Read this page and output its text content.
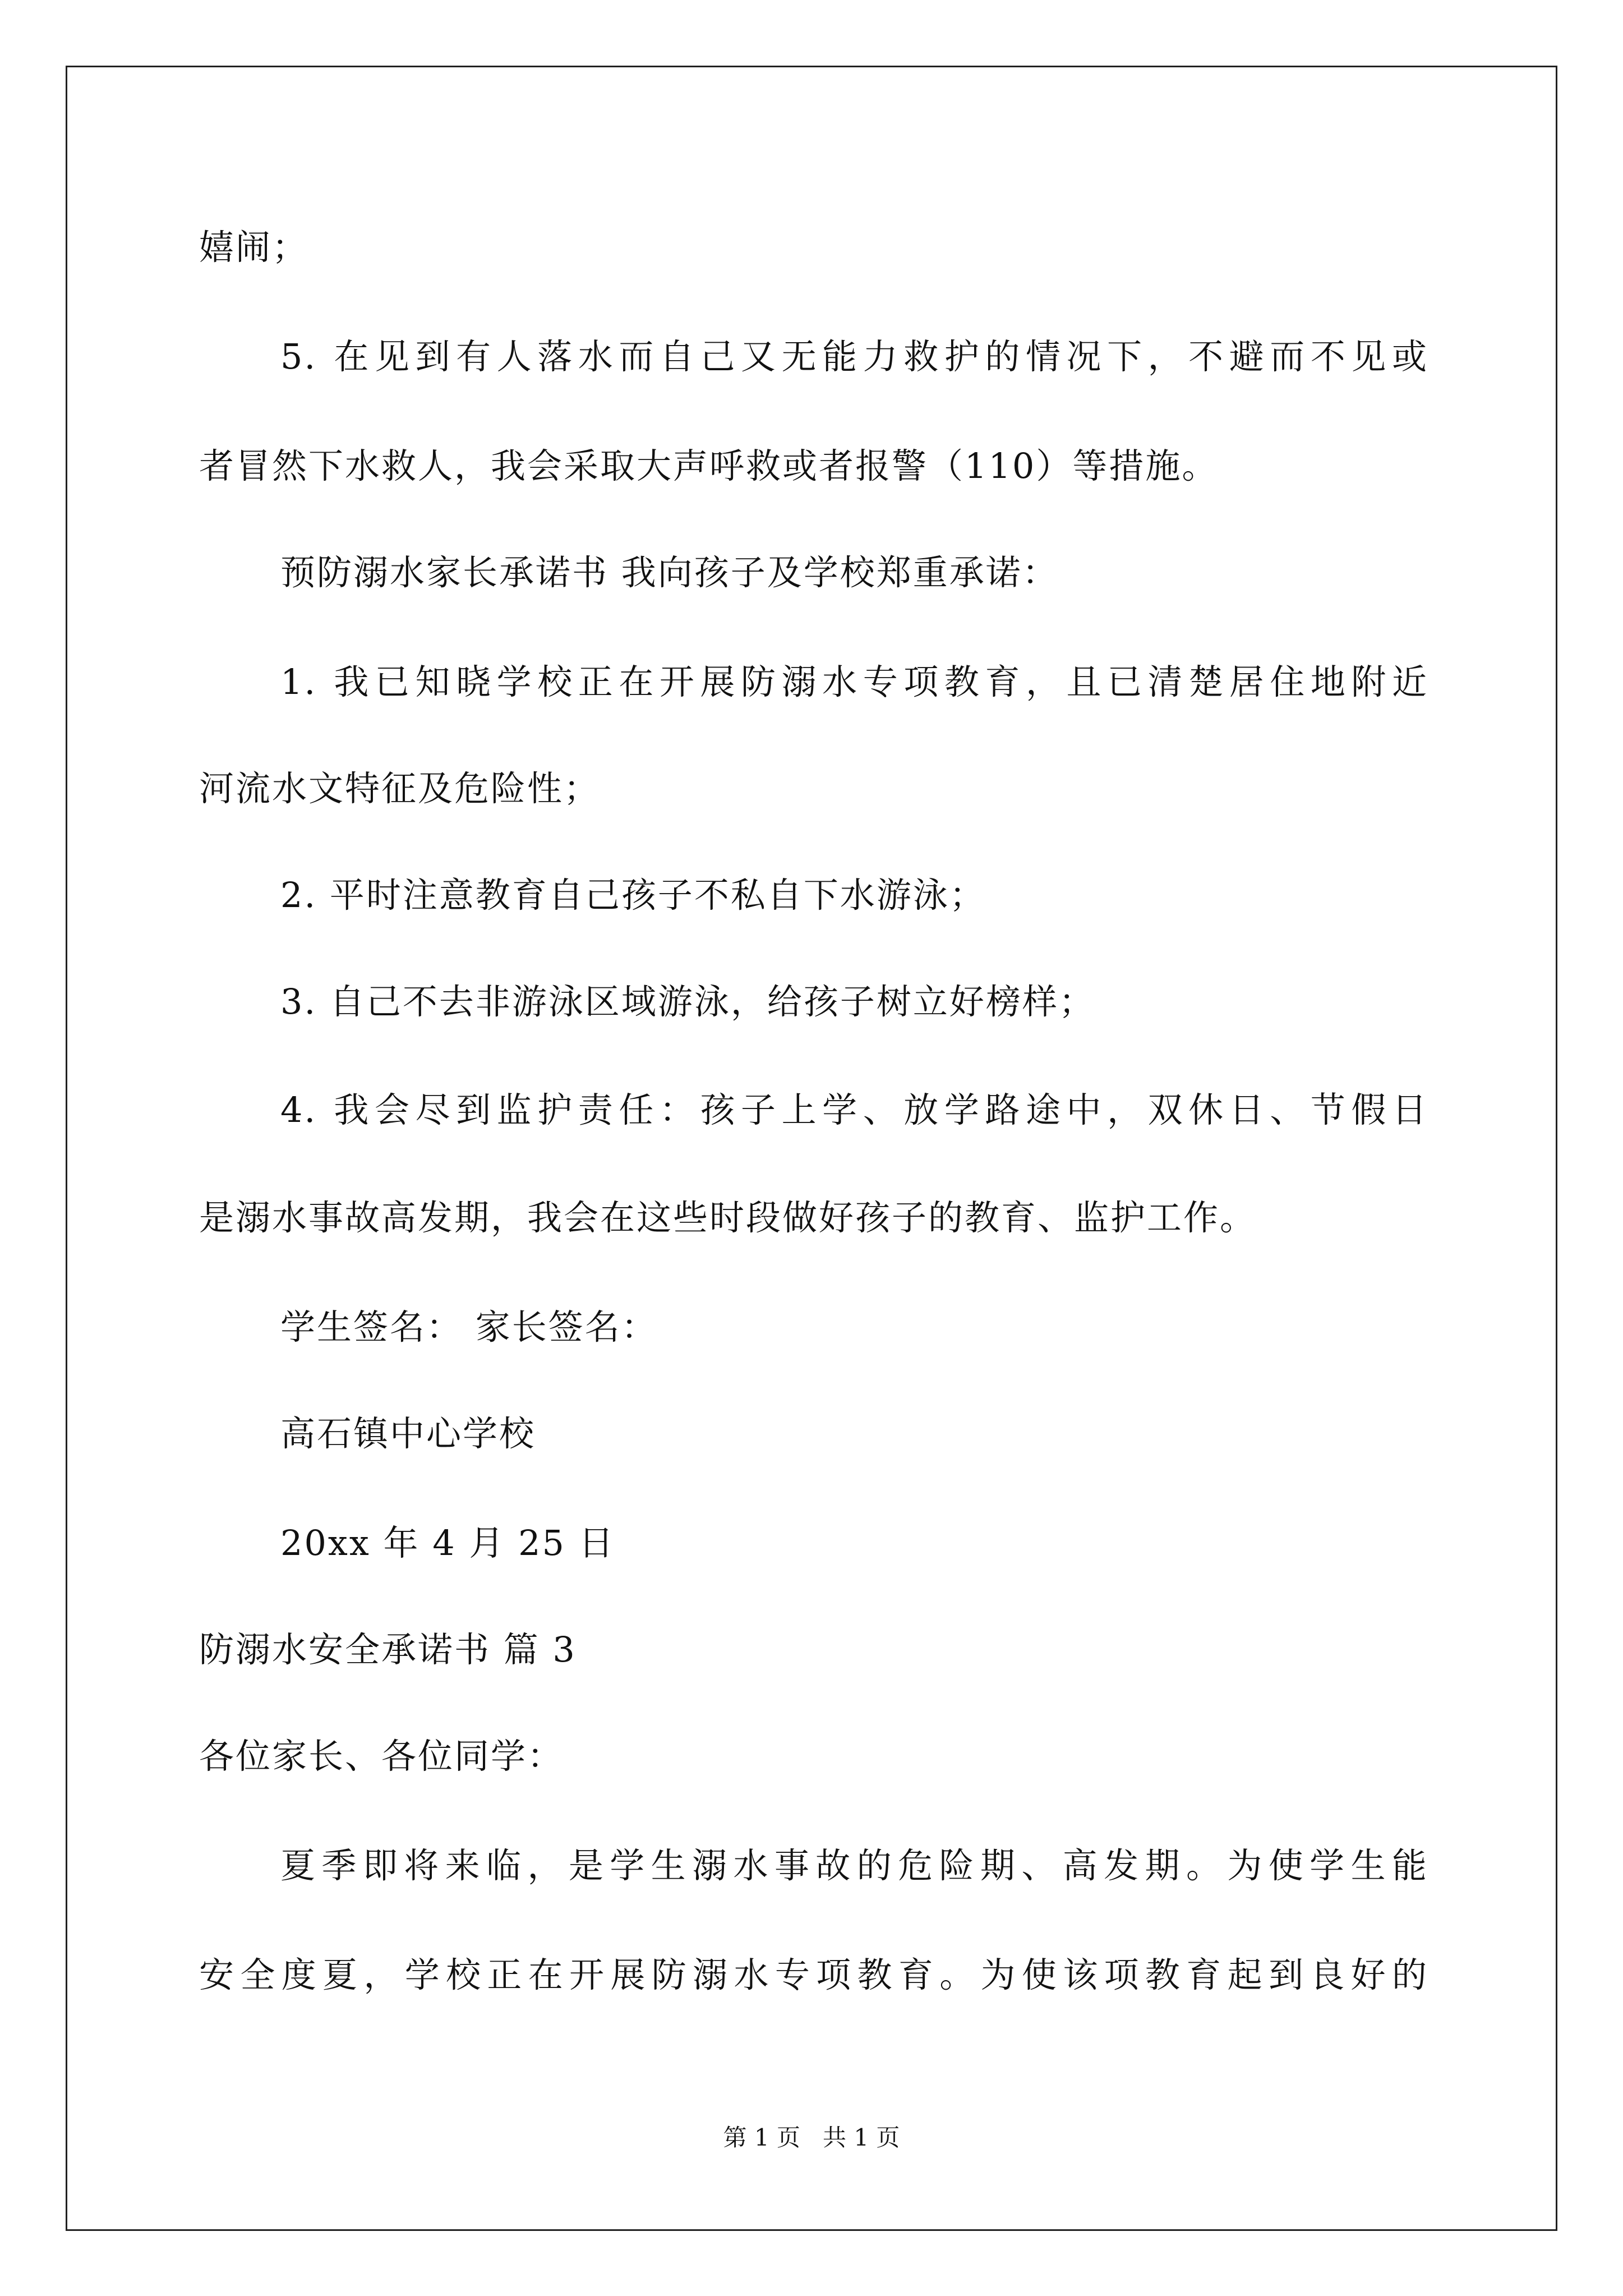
嬉闹；
5. 在见到有人落水而自己又无能力救护的情况下，不避而不见或
者冒然下水救人，我会采取大声呼救或者报警（110）等措施。
预防溺水家长承诺书 我向孩子及学校郑重承诺：
1. 我已知晓学校正在开展防溺水专项教育，且已清楚居住地附近
河流水文特征及危险性；
2. 平时注意教育自己孩子不私自下水游泳；
3. 自己不去非游泳区域游泳，给孩子树立好榜样；
4. 我会尽到监护责任：孩子上学、放学路途中，双休日、节假日
是溺水事故高发期，我会在这些时段做好孩子的教育、监护工作。
学生签名： 家长签名：
高石镇中心学校
20xx 年 4 月 25 日
防溺水安全承诺书 篇 3
各位家长、各位同学：
夏季即将来临，是学生溺水事故的危险期、高发期。为使学生能
安全度夏，学校正在开展防溺水专项教育。为使该项教育起到良好的
第 1 页 共 1 页
